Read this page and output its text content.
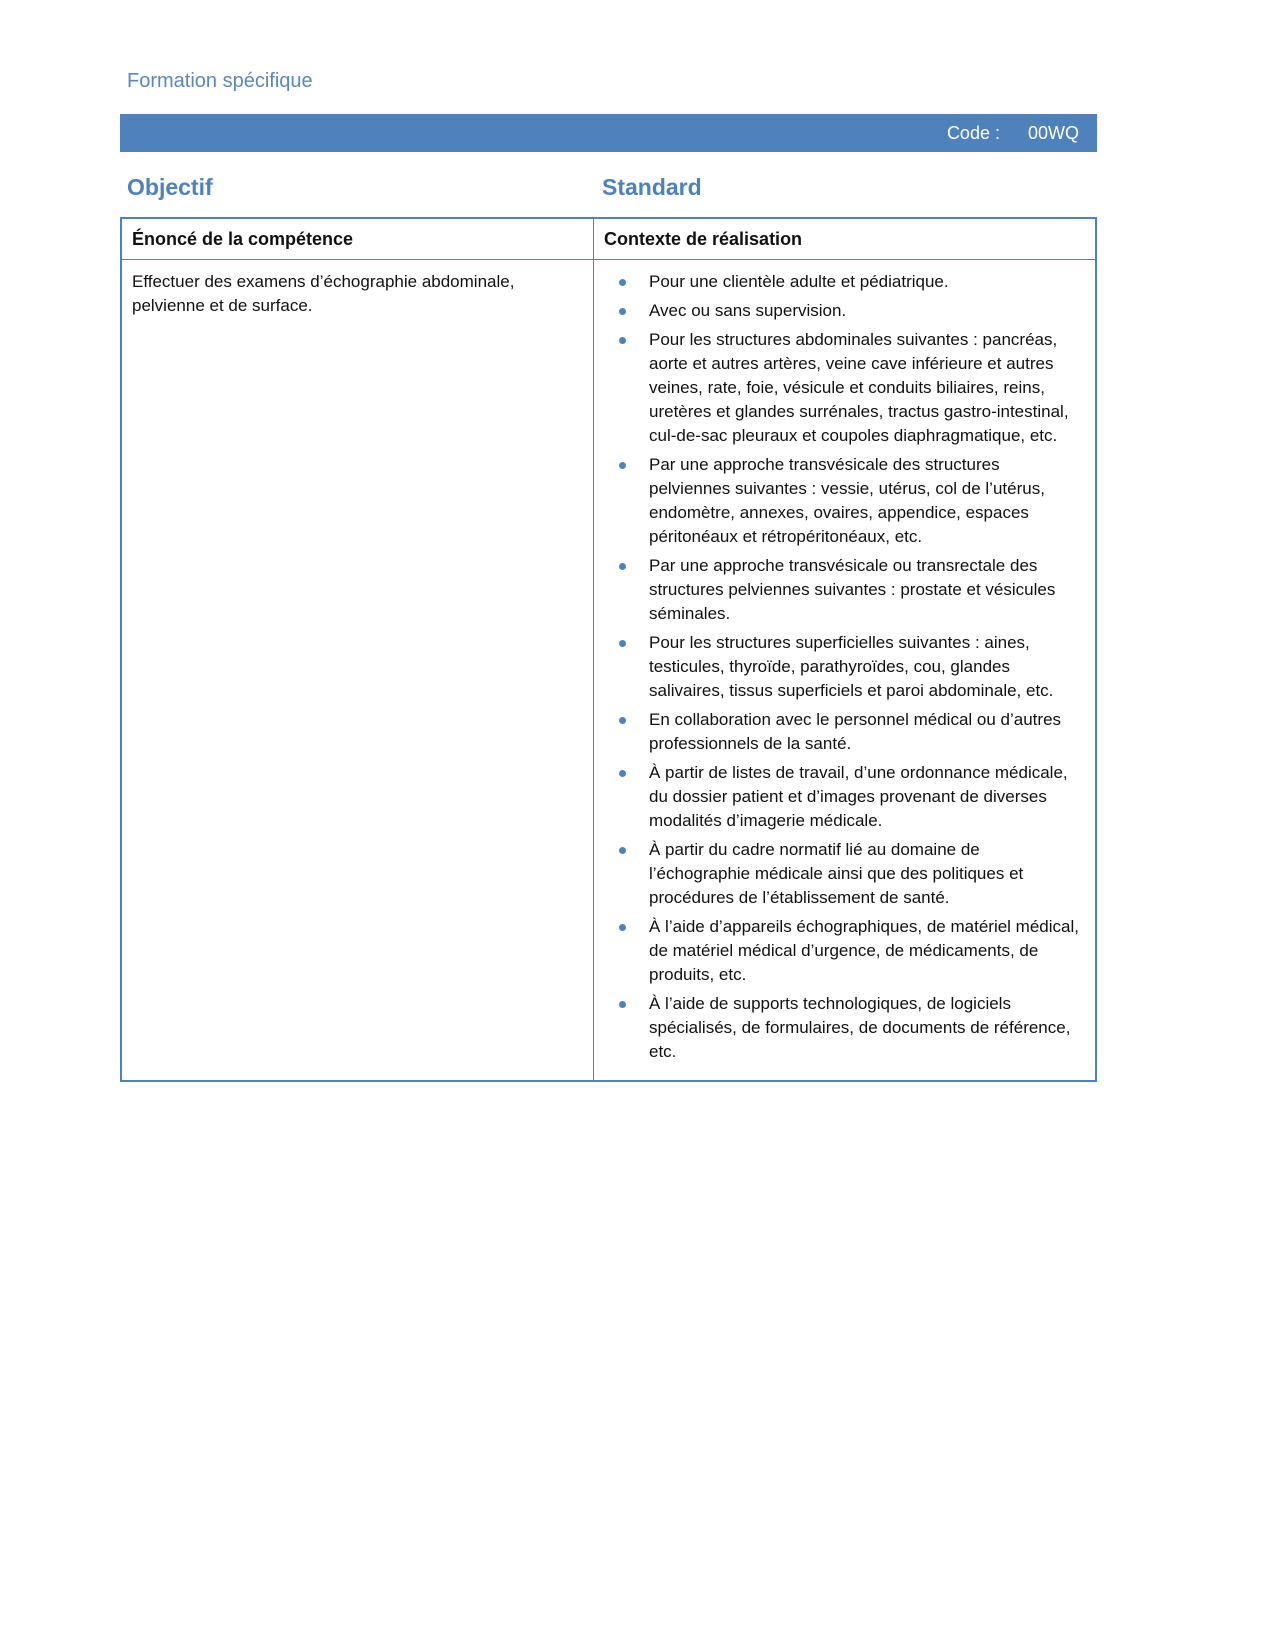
Formation spécifique
Code : 00WQ
Objectif	Standard
Énoncé de la compétence	Contexte de réalisation
Effectuer des examens d’échographie abdominale, pelvienne et de surface.
Pour une clientèle adulte et pédiatrique.
Avec ou sans supervision.
Pour les structures abdominales suivantes : pancréas, aorte et autres artères, veine cave inférieure et autres veines, rate, foie, vésicule et conduits biliaires, reins, uretères et glandes surrénales, tractus gastro-intestinal, cul-de-sac pleuraux et coupoles diaphragmatique, etc.
Par une approche transvésicale des structures pelviennes suivantes : vessie, utérus, col de l’utérus, endomètre, annexes, ovaires, appendice, espaces péritonéaux et rétropéritonéaux, etc.
Par une approche transvésicale ou transrectale des structures pelviennes suivantes : prostate et vésicules séminales.
Pour les structures superficielles suivantes : aines, testicules, thyroïde, parathyroïdes, cou, glandes salivaires, tissus superficiels et paroi abdominale, etc.
En collaboration avec le personnel médical ou d’autres professionnels de la santé.
À partir de listes de travail, d’une ordonnance médicale, du dossier patient et d’images provenant de diverses modalités d’imagerie médicale.
À partir du cadre normatif lié au domaine de l’échographie médicale ainsi que des politiques et procédures de l’établissement de santé.
À l’aide d’appareils échographiques, de matériel médical, de matériel médical d’urgence, de médicaments, de produits, etc.
À l’aide de supports technologiques, de logiciels spécialisés, de formulaires, de documents de référence, etc.
